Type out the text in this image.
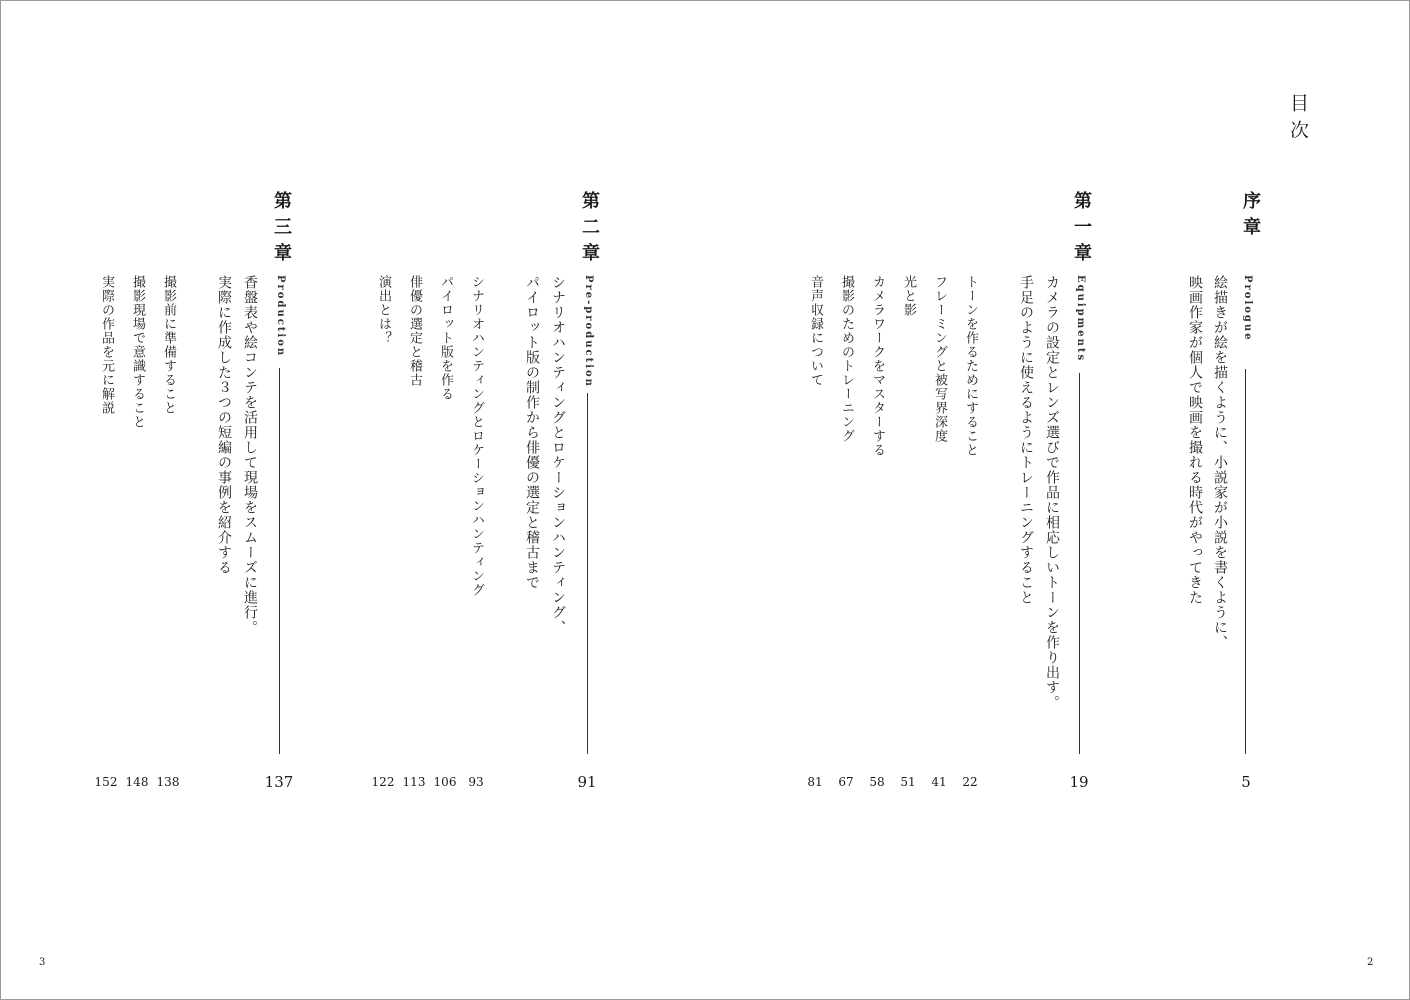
目次
序章
Prologue
絵描きが絵を描くように、小説家が小説を書くように、
映画作家が個人で映画を撮れる時代がやってきた
5
第一章
Equipments
カメラの設定とレンズ選びで作品に相応しいトーンを作り出す。
手足のように使えるようにトレーニングすること
19
トーンを作るためにすること
フレーミングと被写界深度
光と影
カメラワークをマスターする
撮影のためのトレーニング
音声収録について
22
41
51
58
67
81
第二章
Pre-production
シナリオハンティングとロケーションハンティング、
パイロット版の制作から俳優の選定と稽古まで
91
シナリオハンティングとロケーションハンティング
パイロット版を作る
俳優の選定と稽古
演出とは？
93
106
113
122
第三章
Production
香盤表や絵コンテを活用して現場をスムーズに進行。
実際に作成した３つの短編の事例を紹介する
137
撮影前に準備すること
撮影現場で意識すること
実際の作品を元に解説
138
148
152
3	2
